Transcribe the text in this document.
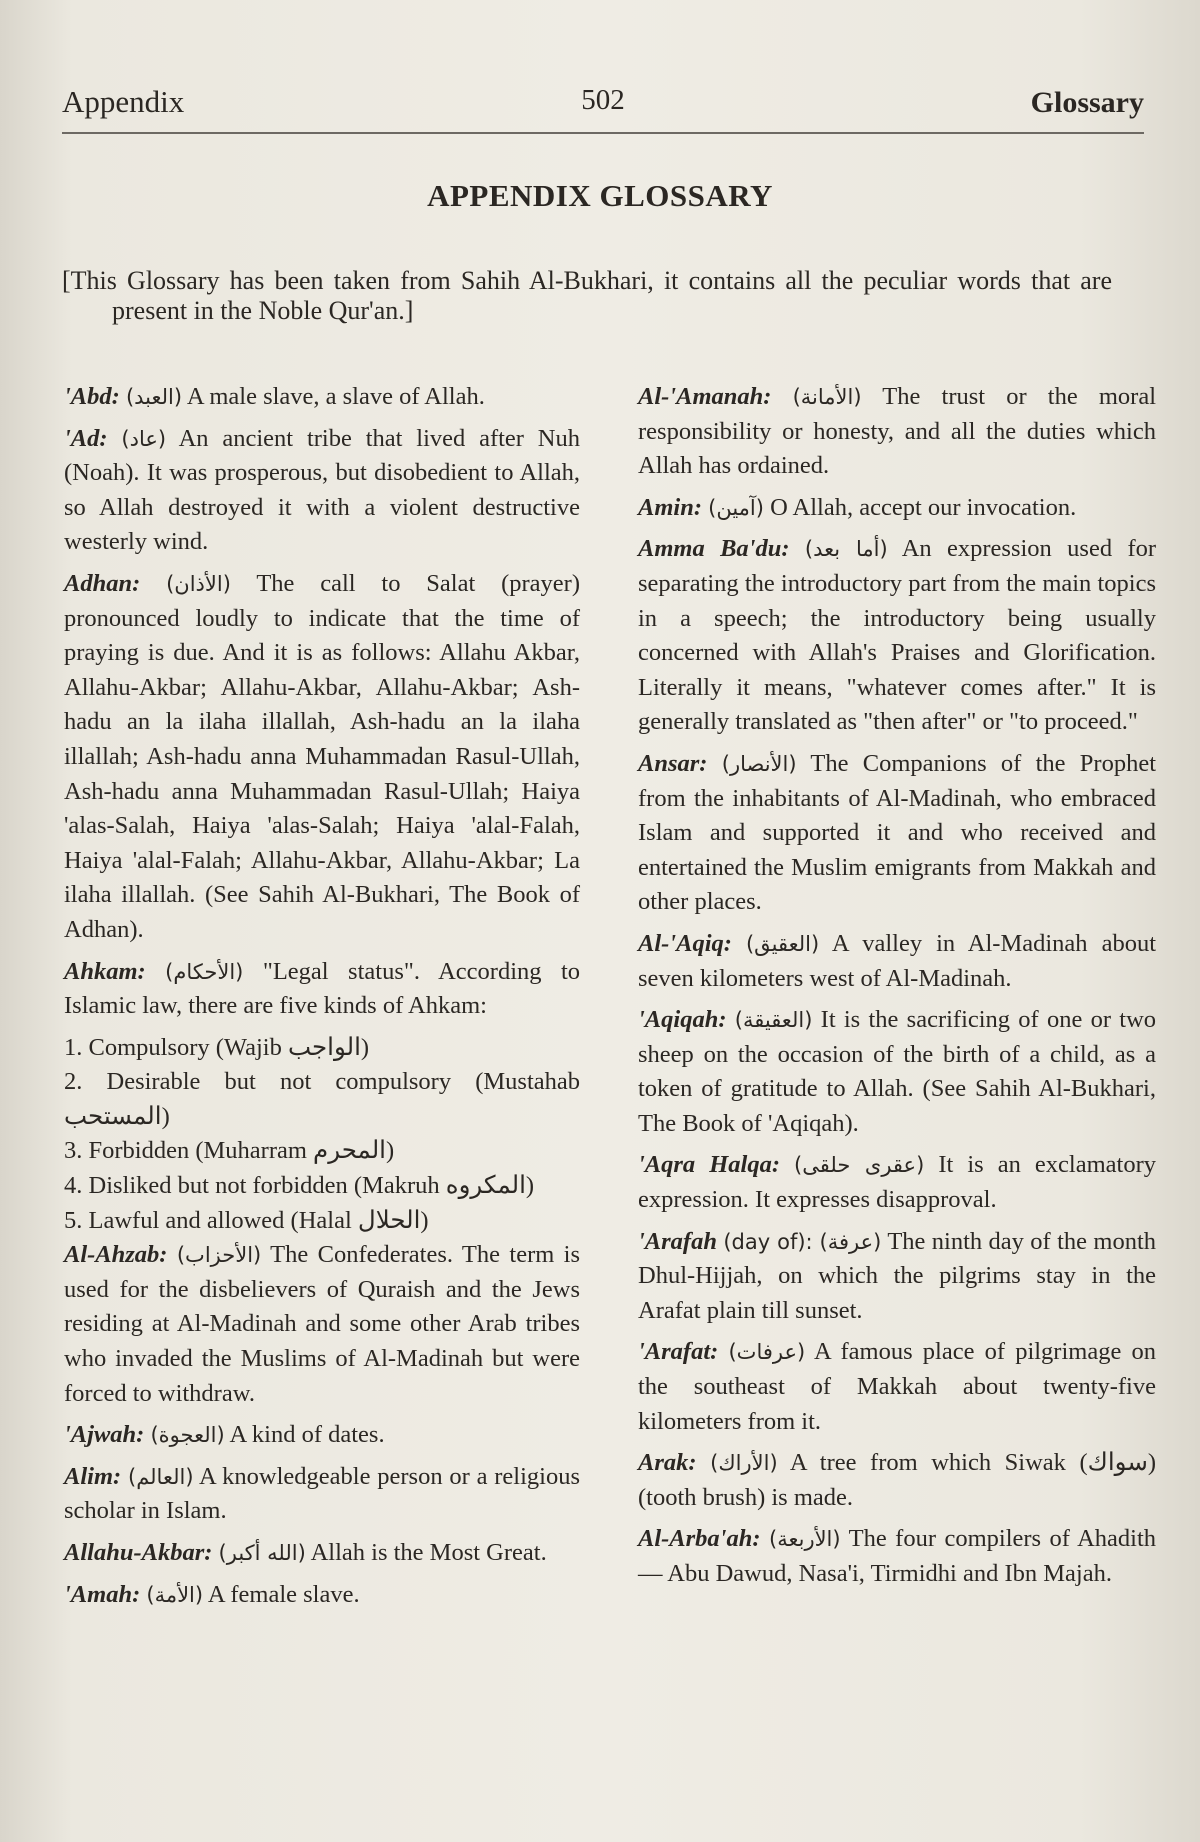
Appendix	502	Glossary
APPENDIX GLOSSARY
[This Glossary has been taken from Sahih Al-Bukhari, it contains all the peculiar words that are present in the Noble Qur'an.]

'Abd: (العبد) A male slave, a slave of Allah.

'Ad: (عاد) An ancient tribe that lived after Nuh (Noah). It was prosperous, but disobedient to Allah, so Allah destroyed it with a violent destructive westerly wind.

Adhan: (الأذان) The call to Salat (prayer) pronounced loudly to indicate that the time of praying is due. And it is as follows: Allahu Akbar, Allahu-Akbar; Allahu-Akbar, Allahu-Akbar; Ash-hadu an la ilaha illallah, Ash-hadu an la ilaha illallah; Ash-hadu anna Muhammadan Rasul-Ullah, Ash-hadu anna Muhammadan Rasul-Ullah; Haiya 'alas-Salah, Haiya 'alas-Salah; Haiya 'alal-Falah, Haiya 'alal-Falah; Allahu-Akbar, Allahu-Akbar; La ilaha illallah. (See Sahih Al-Bukhari, The Book of Adhan).

Ahkam: (الأحكام) "Legal status". According to Islamic law, there are five kinds of Ahkam:

1. Compulsory (Wajib الواجب)

2. Desirable but not compulsory (Mustahab المستحب)

3. Forbidden (Muharram المحرم)

4. Disliked but not forbidden (Makruh المكروه)

5. Lawful and allowed (Halal الحلال)

Al-Ahzab: (الأحزاب) The Confederates. The term is used for the disbelievers of Quraish and the Jews residing at Al-Madinah and some other Arab tribes who invaded the Muslims of Al-Madinah but were forced to withdraw.

'Ajwah: (العجوة) A kind of dates.

Alim: (العالم) A knowledgeable person or a religious scholar in Islam.

Allahu-Akbar: (الله أكبر) Allah is the Most Great.

'Amah: (الأمة) A female slave.

Al-'Amanah: (الأمانة) The trust or the moral responsibility or honesty, and all the duties which Allah has ordained.

Amin: (آمين) O Allah, accept our invocation.

Amma Ba'du: (أما بعد) An expression used for separating the introductory part from the main topics in a speech; the introductory being usually concerned with Allah's Praises and Glorification. Literally it means, "whatever comes after." It is generally translated as "then after" or "to proceed."

Ansar: (الأنصار) The Companions of the Prophet from the inhabitants of Al-Madinah, who embraced Islam and supported it and who received and entertained the Muslim emigrants from Makkah and other places.

Al-'Aqiq: (العقيق) A valley in Al-Madinah about seven kilometers west of Al-Madinah.

'Aqiqah: (العقيقة) It is the sacrificing of one or two sheep on the occasion of the birth of a child, as a token of gratitude to Allah. (See Sahih Al-Bukhari, The Book of 'Aqiqah).

'Aqra Halqa: (عقرى حلقى) It is an exclamatory expression. It expresses disapproval.

'Arafah (day of): (عرفة) The ninth day of the month Dhul-Hijjah, on which the pilgrims stay in the Arafat plain till sunset.

'Arafat: (عرفات) A famous place of pilgrimage on the southeast of Makkah about twenty-five kilometers from it.

Arak: (الأراك) A tree from which Siwak (سواك) (tooth brush) is made.

Al-Arba'ah: (الأربعة) The four compilers of Ahadith — Abu Dawud, Nasa'i, Tirmidhi and Ibn Majah.
